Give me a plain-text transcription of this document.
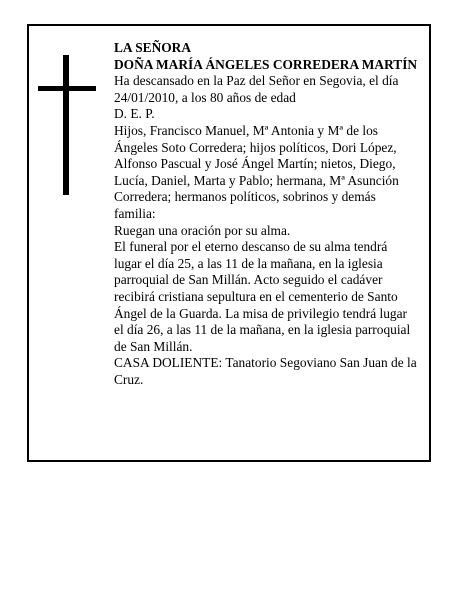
LA SEÑORA

DOÑA MARÍA ÁNGELES CORREDERA MARTÍN

Ha descansado en la Paz del Señor en Segovia, el día 24/01/2010, a los 80 años de edad

D. E. P.

Hijos, Francisco Manuel, Mª Antonia y Mª de los Ángeles Soto Corredera; hijos políticos, Dori López, Alfonso Pascual y José Ángel Martín; nietos, Diego, Lucía, Daniel, Marta y Pablo; hermana, Mª Asunción Corredera; hermanos políticos, sobrinos y demás familia:

Ruegan una oración por su alma.

El funeral por el eterno descanso de su alma tendrá lugar el día 25, a las 11 de la mañana, en la iglesia parroquial de San Millán. Acto seguido el cadáver recibirá cristiana sepultura en el cementerio de Santo Ángel de la Guarda. La misa de privilegio tendrá lugar el día 26, a las 11 de la mañana, en la iglesia parroquial de San Millán.

CASA DOLIENTE: Tanatorio Segoviano San Juan de la Cruz.
